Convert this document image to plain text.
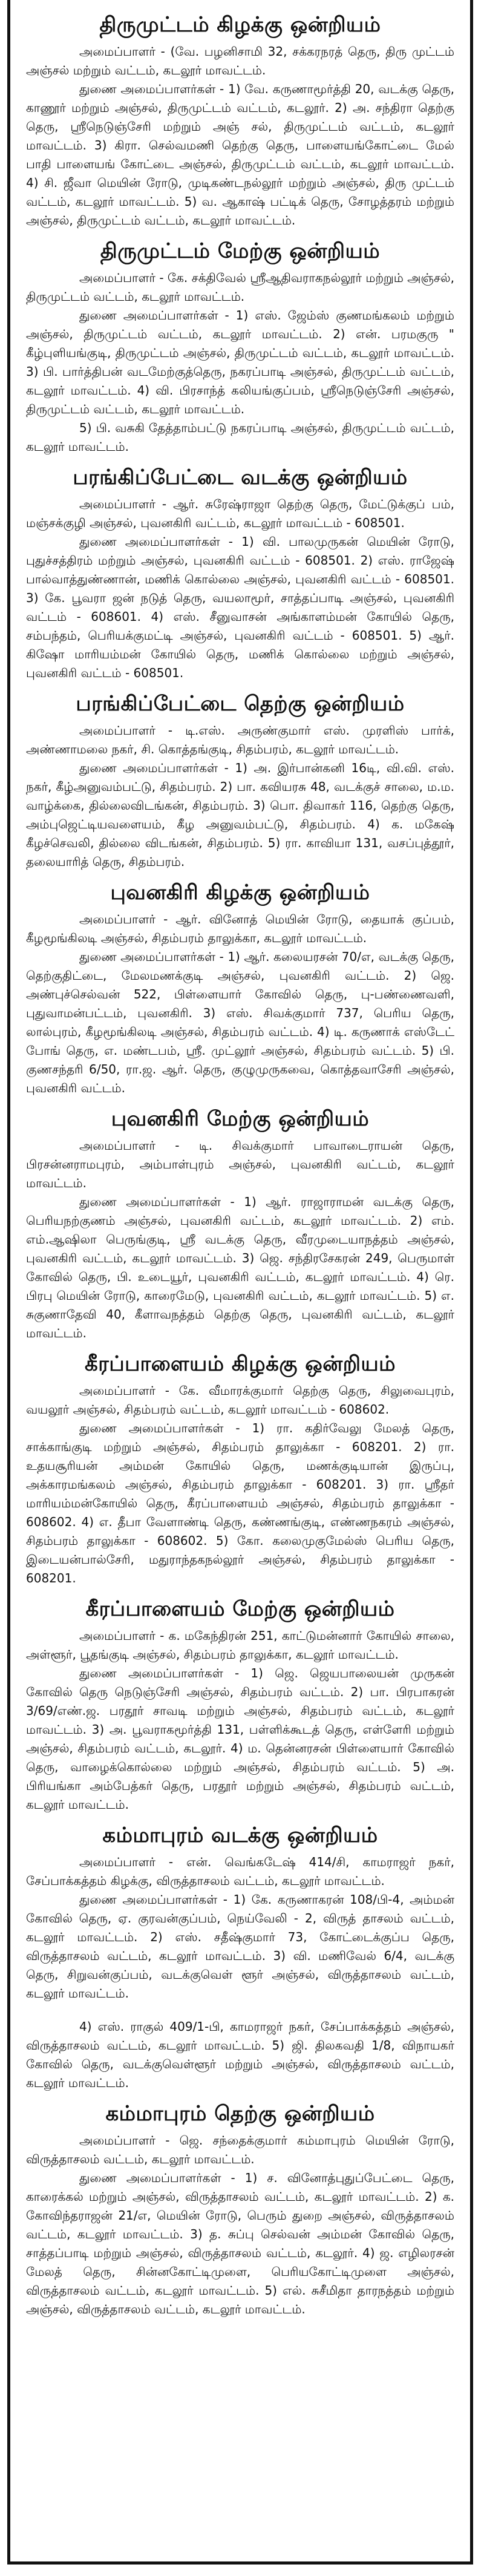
திருமுட்டம் கிழக்கு ஒன்றியம்

அமைப்பாளர் - (வே. பழனிசாமி 32, சக்கரநரத் தெரு, திரு முட்டம் அஞ்சல் மற்றும் வட்டம், கடலூர் மாவட்டம்.

துணை அமைப்பாளர்கள் - 1) வே. கருணாமூர்த்தி 20, வடக்கு தெரு, காணூர் மற்றும் அஞ்சல், திருமுட்டம் வட்டம், கடலூர். 2) அ. சந்திரா தெற்கு தெரு, ஸ்ரீநெடுஞ்சேரி மற்றும் அஞ் சல், திருமுட்டம் வட்டம், கடலூர் மாவட்டம். 3) கிரா. செல்வமணி தெற்கு தெரு, பாளையங்கோட்டை மேல் பாதி பாளையங் கோட்டை அஞ்சல், திருமுட்டம் வட்டம், கடலூர் மாவட்டம். 4) சி. ஜீவா மெயின் ரோடு, முடிகண்டநல்லூர் மற்றும் அஞ்சல், திரு முட்டம் வட்டம், கடலூர் மாவட்டம். 5) வ. ஆகாஷ் பட்டிக் தெரு, சோழத்தரம் மற்றும் அஞ்சல், திருமுட்டம் வட்டம், கடலூர் மாவட்டம்.

திருமுட்டம் மேற்கு ஒன்றியம்

அமைப்பாளர் - கே. சக்திவேல் ஸ்ரீஆதிவராகநல்லூர் மற்றும் அஞ்சல், திருமுட்டம் வட்டம், கடலூர் மாவட்டம்.

துணை அமைப்பாளர்கள் - 1) எஸ். ஜேம்ஸ் குணமங்கலம் மற்றும் அஞ்சல், திருமுட்டம் வட்டம், கடலூர் மாவட்டம். 2) என். பரமகுரு " கீழ்புளியங்குடி, திருமுட்டம் அஞ்சல், திருமுட்டம் வட்டம், கடலூர் மாவட்டம். 3) பி. பார்த்திபன் வடமேற்குத்தெரு, நகரப்பாடி அஞ்சல், திருமுட்டம் வட்டம், கடலூர் மாவட்டம். 4) வி. பிரசாந்த் கலியங்குப்பம், ஸ்ரீநெடுஞ்சேரி அஞ்சல், திருமுட்டம் வட்டம், கடலூர் மாவட்டம்.

5) பி. வசுகி தேத்தாம்பட்டு நகரப்பாடி அஞ்சல், திருமுட்டம் வட்டம், கடலூர் மாவட்டம்.

பரங்கிப்பேட்டை வடக்கு ஒன்றியம்

அமைப்பாளர் - ஆர். சுரேஷ்ராஜா தெற்கு தெரு, மேட்டுக்குப் பம், மஞ்சக்குழி அஞ்சல், புவனகிரி வட்டம், கடலூர் மாவட்டம் - 608501.

துணை அமைப்பாளர்கள் - 1) வி. பாலமுருகன் மெயின் ரோடு, புதுச்சத்திரம் மற்றும் அஞ்சல், புவனகிரி வட்டம் - 608501. 2) எஸ். ராஜேஷ் பால்வாத்துண்ணான், மணிக் கொல்லை அஞ்சல், புவனகிரி வட்டம் - 608501. 3) கே. பூவரா ஜன் நடுத் தெரு, வயலாமூர், சாத்தப்பாடி அஞ்சல், புவனகிரி வட்டம் - 608601. 4) எஸ். சீனுவாசன் அங்காளம்மன் கோயில் தெரு, சம்பந்தம், பெரியக்குமட்டி அஞ்சல், புவனகிரி வட்டம் - 608501. 5) ஆர். கிஷோ மாரியம்மன் கோயில் தெரு, மணிக் கொல்லை மற்றும் அஞ்சல், புவனகிரி வட்டம் - 608501.

பரங்கிப்பேட்டை தெற்கு ஒன்றியம்

அமைப்பாளர் - டி.எஸ். அருண்குமார் எஸ். முரளிஸ் பார்க், அண்ணாமலை நகர், சி. கொத்தங்குடி, சிதம்பரம், கடலூர் மாவட்டம்.

துணை அமைப்பாளர்கள் - 1) அ. இர்பான்கனி 16டி, வி.வி. எஸ். நகர், கீழ்அனுவம்பட்டு, சிதம்பரம். 2) பா. கவியரசு 48, வடக்குச் சாலை, ம.ம. வாழ்க்கை, தில்லைவிடங்கன், சிதம்பரம். 3) பொ. திவாகர் 116, தெற்கு தெரு, அம்புஜெட்டியவளையம், கீழ அனுவம்பட்டு, சிதம்பரம். 4) க. மகேஷ் கீழச்செவலி, தில்லை விடங்கன், சிதம்பரம். 5) ரா. காவியா 131, வசப்புத்தூர், தலையாரித் தெரு, சிதம்பரம்.

புவனகிரி கிழக்கு ஒன்றியம்

அமைப்பாளர் - ஆர். வினோத் மெயின் ரோடு, தையாக் குப்பம், கீழமூங்கிலடி அஞ்சல், சிதம்பரம் தாலுக்கா, கடலூர் மாவட்டம்.

துணை அமைப்பாளர்கள் - 1) ஆர். கலையரசன் 70/எ, வடக்கு தெரு, தெற்குதிட்டை, மேலமணக்குடி அஞ்சல், புவனகிரி வட்டம். 2) ஜெ. அண்புச்செல்வன் 522, பிள்ளையார் கோவில் தெரு, பு-பண்ணைவளி, புதுவாமன்பட்டம், புவனகிரி. 3) எஸ். சிவக்குமார் 737, பெரிய தெரு, லால்புரம், கீழமூங்கிலடி அஞ்சல், சிதம்பரம் வட்டம். 4) டி. கருணாக் எஸ்டேட் போங் தெரு, எ. மண்டபம், ஸ்ரீ. முட்லூர் அஞ்சல், சிதம்பரம் வட்டம். 5) பி. குணசந்தரி 6/50, ரா.ஜ. ஆர். தெரு, குழுமுருகவை, கொத்தவாசேரி அஞ்சல், புவனகிரி வட்டம்.

புவனகிரி மேற்கு ஒன்றியம்

அமைப்பாளர் - டி. சிவக்குமார் பாவாடைராயன் தெரு, பிரசன்னராமபுரம், அம்பாள்புரம் அஞ்சல், புவனகிரி வட்டம், கடலூர் மாவட்டம்.

துணை அமைப்பாளர்கள் - 1) ஆர். ராஜாராமன் வடக்கு தெரு, பெரியநற்குணம் அஞ்சல், புவனகிரி வட்டம், கடலூர் மாவட்டம். 2) எம். எம்.ஆஷிலா பெருங்குடி, ஸ்ரீ வடக்கு தெரு, வீரமுடையாநத்தம் அஞ்சல், புவனகிரி வட்டம், கடலூர் மாவட்டம். 3) ஜெ. சந்திரசேகரன் 249, பெருமாள் கோவில் தெரு, பி. உடையூர், புவனகிரி வட்டம், கடலூர் மாவட்டம். 4) ரெ. பிரபு மெயின் ரோடு, காரைமேடு, புவனகிரி வட்டம், கடலூர் மாவட்டம். 5) எ. சுகுணாதேவி 40, கீளாவநத்தம் தெற்கு தெரு, புவனகிரி வட்டம், கடலூர் மாவட்டம்.

கீரப்பாளையம் கிழக்கு ஒன்றியம்

அமைப்பாளர் - கே. வீமாரக்குமார் தெற்கு தெரு, சிலுவைபுரம், வயலூர் அஞ்சல், சிதம்பரம் வட்டம், கடலூர் மாவட்டம் - 608602.

துணை அமைப்பாளர்கள் - 1) ரா. கதிர்வேலு மேலத் தெரு, சாக்காங்குடி மற்றும் அஞ்சல், சிதம்பரம் தாலுக்கா - 608201. 2) ரா. உதயசூரியன் அம்மன் கோயில் தெரு, மணக்குடியான் இருப்பு, அக்காரமங்கலம் அஞ்சல், சிதம்பரம் தாலுக்கா - 608201. 3) ரா. ஸ்ரீதர் மாரியம்மன்கோயில் தெரு, கீரப்பாளையம் அஞ்சல், சிதம்பரம் தாலுக்கா - 608602. 4) எ. தீபா வேளாண்டி தெரு, கண்ணங்குடி, எண்ணநகரம் அஞ்சல், சிதம்பரம் தாலுக்கா - 608602. 5) கோ. கலைமுகுமேல்ஸ் பெரிய தெரு, இடையன்பால்சேரி, மதுராந்தகநல்லூர் அஞ்சல், சிதம்பரம் தாலுக்கா - 608201.

கீரப்பாளையம் மேற்கு ஒன்றியம்

அமைப்பாளர் - க. மகேந்திரன் 251, காட்டுமன்னார் கோயில் சாலை, அள்ளூர், பூதங்குடி அஞ்சல், சிதம்பரம் தாலுக்கா, கடலூர் மாவட்டம்.

துணை அமைப்பாளர்கள் - 1) ஜெ. ஜெயபாலையன் முருகன் கோவில் தெரு நெடுஞ்சேரி அஞ்சல், சிதம்பரம் வட்டம். 2) பா. பிரபாகரன் 3/69/எண்.ஜ. பரதூர் சாவடி மற்றும் அஞ்சல், சிதம்பரம் வட்டம், கடலூர் மாவட்டம். 3) அ. பூவராகமூர்த்தி 131, பள்ளிக்கூடத் தெரு, எள்ளேரி மற்றும் அஞ்சல், சிதம்பரம் வட்டம், கடலூர். 4) ம. தென்னரசன் பிள்ளையார் கோவில் தெரு, வாழைக்கொல்லை மற்றும் அஞ்சல், சிதம்பரம் வட்டம். 5) அ. பிரியங்கா அம்பேத்கர் தெரு, பரதூர் மற்றும் அஞ்சல், சிதம்பரம் வட்டம், கடலூர் மாவட்டம்.

கம்மாபுரம் வடக்கு ஒன்றியம்

அமைப்பாளர் - என். வெங்கடேஷ் 414/சி, காமராஜர் நகர், சேப்பாக்கத்தம் கிழக்கு, விருத்தாசலம் வட்டம், கடலூர் மாவட்டம்.

துணை அமைப்பாளர்கள் - 1) கே. கருணாகரன் 108/பி-4, அம்மன் கோவில் தெரு, ஏ. குரவன்குப்பம், நெய்வேலி - 2, விருத் தாசலம் வட்டம், கடலூர் மாவட்டம். 2) எஸ். சதீஷ்குமார் 73, கோட்டைக்குப்ப தெரு, விருத்தாசலம் வட்டம், கடலூர் மாவட்டம். 3) வி. மணிவேல் 6/4, வடக்கு தெரு, சிறுவன்குப்பம், வடக்குவெள் ளூர் அஞ்சல், விருத்தாசலம் வட்டம், கடலூர் மாவட்டம்.

4) எஸ். ராகுல் 409/1-பி, காமராஜர் நகர், சேப்பாக்கத்தம் அஞ்சல், விருத்தாசலம் வட்டம், கடலூர் மாவட்டம். 5) ஜி. திலகவதி 1/8, விநாயகர் கோவில் தெரு, வடக்குவெள்ளூர் மற்றும் அஞ்சல், விருத்தாசலம் வட்டம், கடலூர் மாவட்டம்.

கம்மாபுரம் தெற்கு ஒன்றியம்

அமைப்பாளர் - ஜெ. சந்தைக்குமார் கம்மாபுரம் மெயின் ரோடு, விருத்தாசலம் வட்டம், கடலூர் மாவட்டம்.

துணை அமைப்பாளர்கள் - 1) ச. வினோத்புதுப்பேட்டை தெரு, காரைக்கல் மற்றும் அஞ்சல், விருத்தாசலம் வட்டம், கடலூர் மாவட்டம். 2) க. கோவிந்தராஜன் 21/எ, மெயின் ரோடு, பெரும் துறை அஞ்சல், விருத்தாசலம் வட்டம், கடலூர் மாவட்டம். 3) த. சுப்பு செல்வன் அம்மன் கோவில் தெரு, சாத்தப்பாடி மற்றும் அஞ்சல், விருத்தாசலம் வட்டம், கடலூர். 4) ஜ. எழிலரசன் மேலத் தெரு, சின்னகோட்டிமுளை, பெரியகோட்டிமுளை அஞ்சல், விருத்தாசலம் வட்டம், கடலூர் மாவட்டம். 5) எல். சுசீமிதா தாரநத்தம் மற்றும் அஞ்சல், விருத்தாசலம் வட்டம், கடலூர் மாவட்டம்.
